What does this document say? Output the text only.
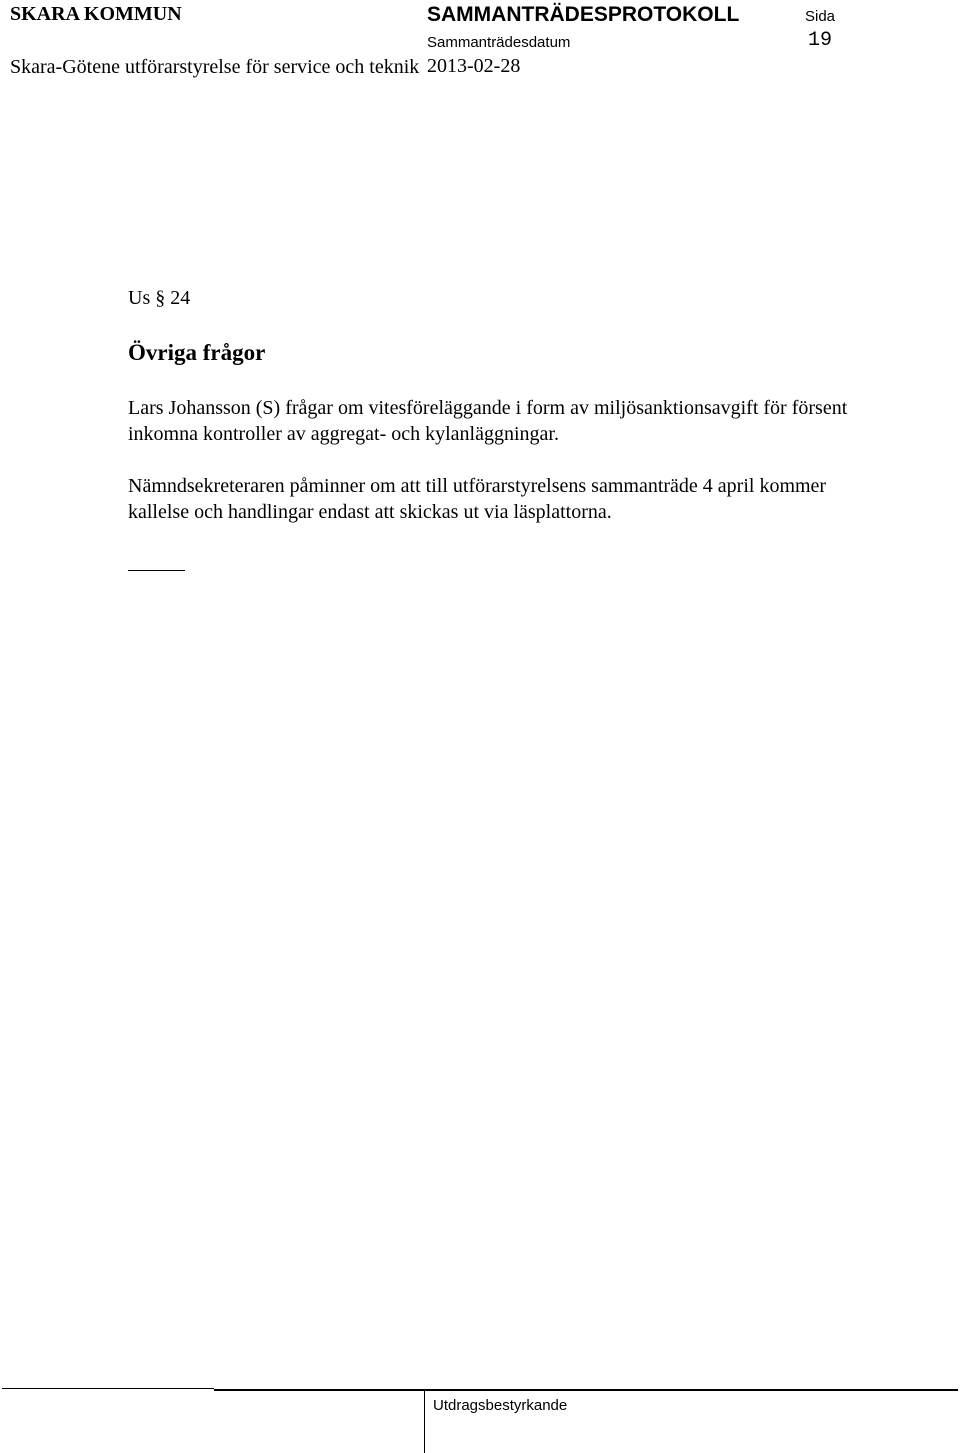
SKARA KOMMUN
Skara-Götene utförarstyrelse för service och teknik
SAMMANTRÄDESPROTOKOLL
Sammanträdesdatum
2013-02-28
Sida
19
Us § 24
Övriga frågor
Lars Johansson (S) frågar om vitesföreläggande i form av miljösanktionsavgift för försent inkomna kontroller av aggregat- och kylanläggningar.
Nämndsekreteraren påminner om att till utförarstyrelsens sammanträde 4 april kommer kallelse och handlingar endast att skickas ut via läsplattorna.
Utdragsbestyrkande
